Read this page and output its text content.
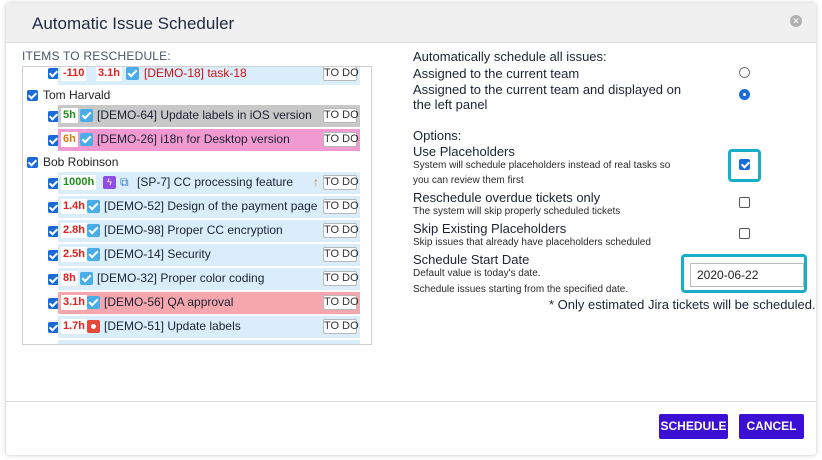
Automatic Issue Scheduler	✕
ITEMS TO RESCHEDULE:
-110 3.1h [DEMO-18] task-18	TO DO
Tom Harvald
5h [DEMO-64] Update labels in iOS version TO DO
6h [DEMO-26] i18n for Desktop version	TO DO
Bob Robinson
1000h	ϟ ⧉ [SP-7] CC processing feature ↑ TO DO
1.4h [DEMO-52] Design of the payment page TO DO
2.8h [DEMO-98] Proper CC encryption	TO DO
2.5h [DEMO-14] Security	TO DO
8h [DEMO-32] Proper color coding	TO DO
3.1h [DEMO-56] QA approval	TO DO
1.7h [DEMO-51] Update labels	TO DO
Automatically schedule all issues:
Assigned to the current team
Assigned to the current team and displayed on
the left panel
Options:
Use Placeholders
System will schedule placeholders instead of real tasks so
you can review them first
Reschedule overdue tickets only
The system will skip properly scheduled tickets
Skip Existing Placeholders
Skip issues that already have placeholders scheduled
Schedule Start Date
Default value is today's date.
Schedule issues starting from the specified date.
2020-06-22
* Only estimated Jira tickets will be scheduled.
SCHEDULE	CANCEL
